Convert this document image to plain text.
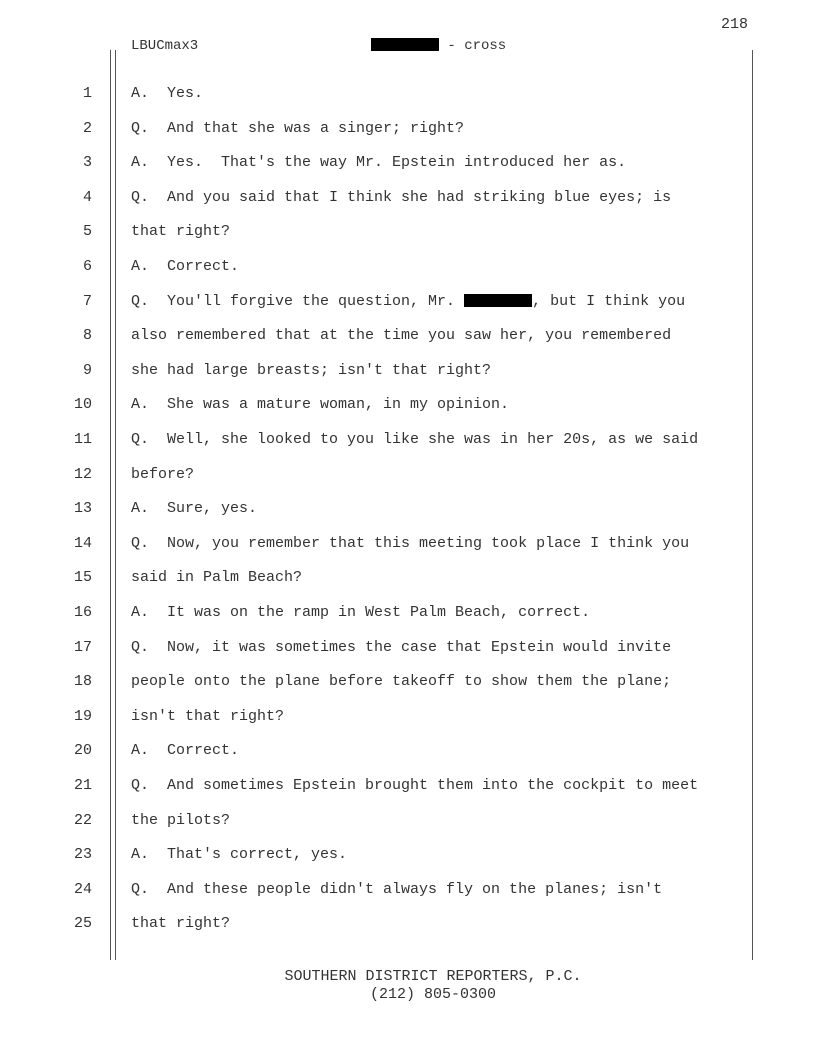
218
LBUCmax3	- cross
1	A.  Yes.
2	Q.  And that she was a singer; right?
3	A.  Yes.  That's the way Mr. Epstein introduced her as.
4	Q.  And you said that I think she had striking blue eyes; is
5	that right?
6	A.  Correct.
7	Q.  You'll forgive the question, Mr.	, but I think you
8	also remembered that at the time you saw her, you remembered
9	she had large breasts; isn't that right?
10	A.  She was a mature woman, in my opinion.
11	Q.  Well, she looked to you like she was in her 20s, as we said
12	before?
13	A.  Sure, yes.
14	Q.  Now, you remember that this meeting took place I think you
15	said in Palm Beach?
16	A.  It was on the ramp in West Palm Beach, correct.
17	Q.  Now, it was sometimes the case that Epstein would invite
18	people onto the plane before takeoff to show them the plane;
19	isn't that right?
20	A.  Correct.
21	Q.  And sometimes Epstein brought them into the cockpit to meet
22	the pilots?
23	A.  That's correct, yes.
24	Q.  And these people didn't always fly on the planes; isn't
25	that right?
SOUTHERN DISTRICT REPORTERS, P.C.
(212) 805-0300
